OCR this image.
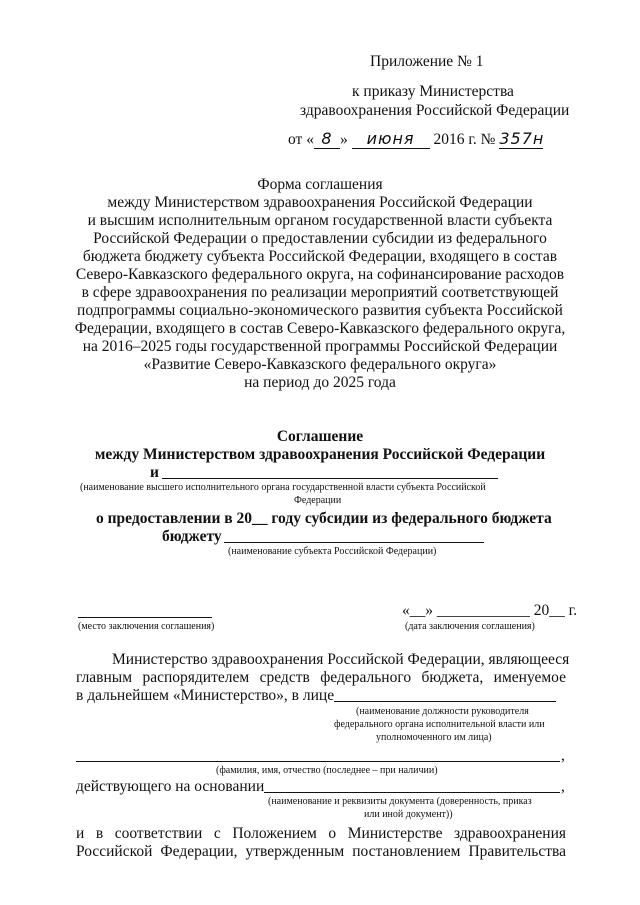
Приложение № 1
к приказу Министерства
здравоохранения Российской Федерации
от « 8 » июня 2016 г. № 357н
Форма соглашения
между Министерством здравоохранения Российской Федерации
и высшим исполнительным органом государственной власти субъекта
Российской Федерации о предоставлении субсидии из федерального
бюджета бюджету субъекта Российской Федерации, входящего в состав
Северо-Кавказского федерального округа, на софинансирование расходов
в сфере здравоохранения по реализации мероприятий соответствующей
подпрограммы социально-экономического развития субъекта Российской
Федерации, входящего в состав Северо-Кавказского федерального округа,
на 2016–2025 годы государственной программы Российской Федерации
«Развитие Северо-Кавказского федерального округа»
на период до 2025 года
Соглашение
между Министерством здравоохранения Российской Федерации
и
(наименование высшего исполнительного органа государственной власти субъекта Российской
Федерации
о предоставлении в 20__ году субсидии из федерального бюджета
бюджету
(наименование субъекта Российской Федерации)
(место заключения соглашения)
«__» ____________ 20__ г.
(дата заключения соглашения)
Министерство здравоохранения Российской Федерации, являющееся
главным распорядителем средств федерального бюджета, именуемое
в дальнейшем «Министерство», в лице
(наименование должности руководителя
федерального органа исполнительной власти или
уполномоченного им лица)
,
(фамилия, имя, отчество (последнее – при наличии)
действующего на основании	,
(наименование и реквизиты документа (доверенность, приказ
или иной документ))
и в соответствии с Положением о Министерстве здравоохранения
Российской Федерации, утвержденным постановлением Правительства
